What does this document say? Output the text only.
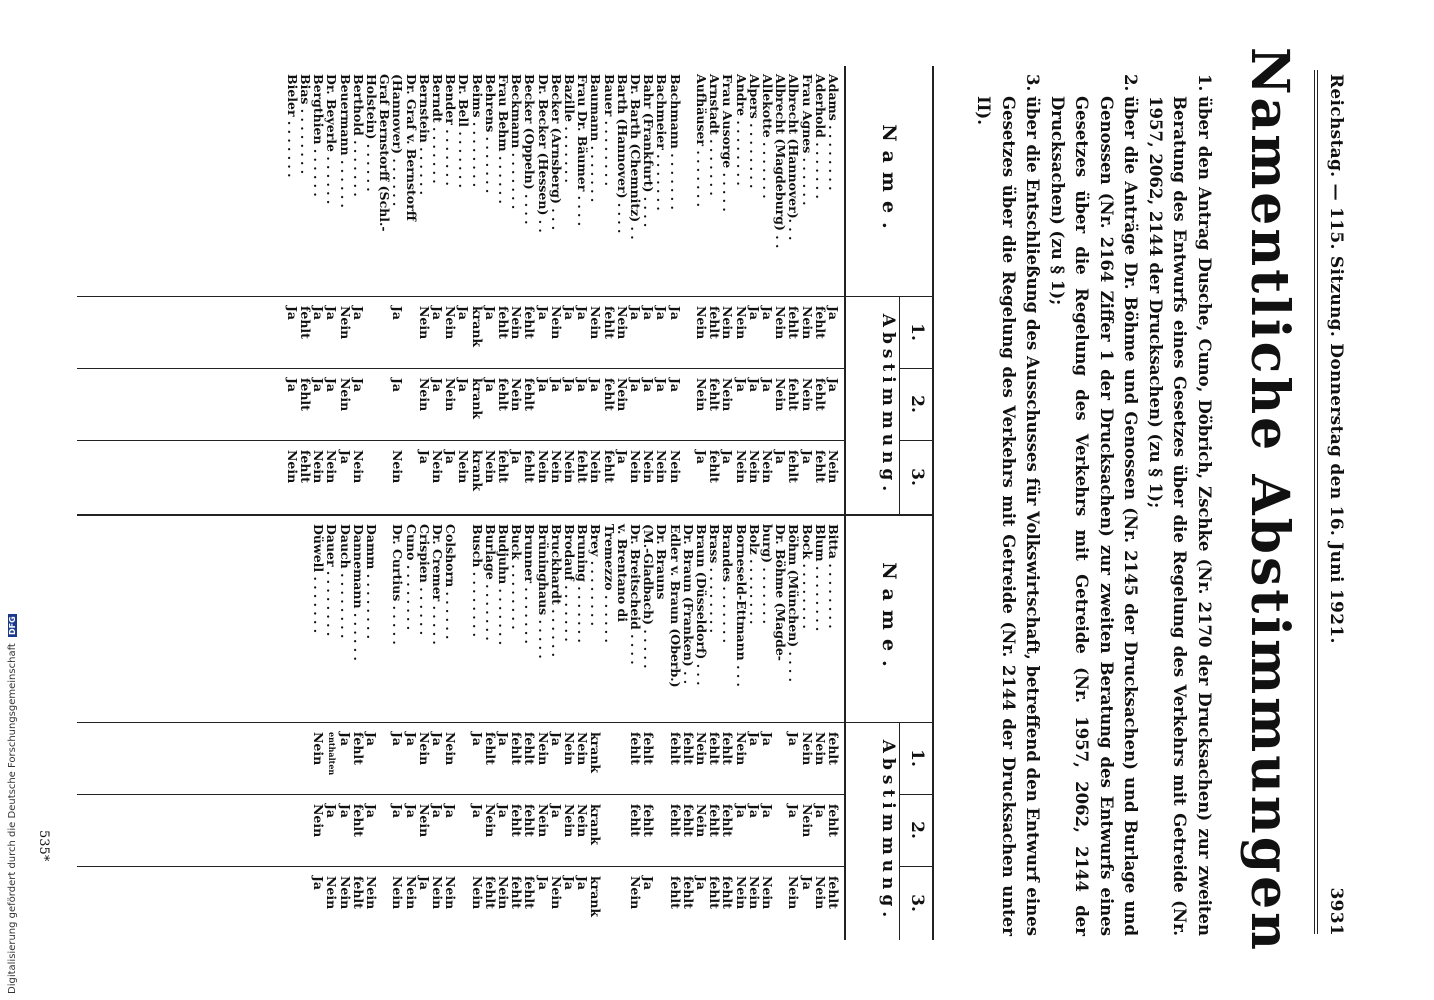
Reichstag. — 115. Sitzung. Donnerstag den 16. Juni 1921.
3931
Namentliche Abstimmungen
1.
über den Antrag Dusche, Cuno, Döbrich, Zschke (Nr. 2170 der Drucksachen) zur zweiten Beratung des Entwurfs eines Gesetzes über die Regelung des Verkehrs mit Getreide (Nr. 1957, 2062, 2144 der Drucksachen) (zu § 1);
2.
über die Anträge Dr. Böhme und Genossen (Nr. 2145 der Drucksachen) und Burlage und Genossen (Nr. 2164 Ziffer 1 der Drucksachen) zur zweiten Beratung des Entwurfs eines Gesetzes über die Regelung des Verkehrs mit Getreide (Nr. 1957, 2062, 2144 der Drucksachen) (zu § 1);
3.
über die Entschließung des Ausschusses für Volkswirtschaft, betreffend den Entwurf eines Gesetzes über die Regelung des Verkehrs mit Getreide (Nr. 2144 der Drucksachen unter II).
Name.
1.
2.
3.
Abstimmung.
Adams . . . . . . . .
Ja
Ja
Nein
Aderhold . . . . . . .
fehlt
fehlt
fehlt
Frau Agnes . . . . . .
Nein
Nein
Ja
Albrecht (Hannover). . .
fehlt
fehlt
fehlt
Albrecht (Magdeburg) . .
Nein
Nein
Ja
Allekotte . . . . . . .
Ja
Ja
Nein
Alpers . . . . . . . .
Ja
Ja
Nein
Andre . . . . . . . .
Nein
Ja
Nein
Frau Ausorge . . . . .
Nein
Nein
Ja
Arnstadt . . . . . . .
fehlt
fehlt
fehlt
Aufhäuser . . . . . . .
Nein
Nein
Ja
Bachmann . . . . . . .
Ja
Ja
Nein
Bachmeier . . . . . . .
Ja
Ja
Nein
Bahr (Frankfurt) . . . .
Ja
Ja
Nein
Dr. Barth (Chemnitz) . .
Ja
Ja
Nein
Barth (Hannover) . . . .
Nein
Nein
Ja
Bauer . . . . . . . .
fehlt
fehlt
fehlt
Baumann . . . . . . .
Nein
Ja
Nein
Frau Dr. Bäumer . . . .
Ja
Ja
fehlt
Bazille . . . . . . .
Ja
Ja
Nein
Becker (Arnsberg) . . .
Nein
Ja
Nein
Dr. Becker (Hessen) . .
Ja
Ja
Nein
Becker (Oppeln) . . . .
fehlt
fehlt
fehlt
Beckmann . . . . . . .
Nein
Nein
Ja
Frau Behm . . . . . .
fehlt
fehlt
fehlt
Behrens . . . . . . .
Ja
Ja
Nein
Beims . . . . . . . .
krank
krank
krank
Dr. Bell . . . . . . .
Ja
Ja
Nein
Bender . . . . . . .
Nein
Nein
Ja
Berndt . . . . . . .
Ja
Ja
Nein
Bernstein . . . . . .
Nein
Nein
Ja
Dr. Graf v. Bernstorff
(Hannover) . . . . . .
Ja
Ja
Nein
Graf Bernstorff (Schl.-
Holstein) . . . . . .
Berthold . . . . . . .
Ja
Ja
Nein
Beuermann . . . . . .
Nein
Nein
Ja
Dr. Beyerle . . . . . .
Ja
Ja
Nein
Bergthien . . . . . .
Ja
Ja
Nein
Bias . . . . . . . .
fehlt
fehlt
fehlt
Bieler . . . . . . .
Ja
Ja
Nein
Name.
1.
2.
3.
Abstimmung.
Bitta . . . . . . . .
fehlt
fehlt
fehlt
Blum . . . . . . . .
Nein
Ja
Nein
Bock . . . . . . . .
Nein
Nein
Ja
Böhm (München) . . . .
Ja
Ja
Nein
Dr. Böhme (Magde-
burg) . . . . . . .
Ja
Ja
Nein
Bolz . . . . . . . .
Ja
Ja
Nein
Borneseld-Ettmann . . .
Nein
Ja
Nein
Brandes . . . . . . .
fehlt
fehlt
fehlt
Brass . . . . . . . .
fehlt
fehlt
fehlt
Braun (Düsseldorf) . . .
Nein
Nein
Ja
Dr. Braun (Franken) . .
fehlt
fehlt
fehlt
Edler v. Braun (Oberb.)
fehlt
fehlt
fehlt
Dr. Brauns
(M.-Gladbach) . . . . .
fehlt
fehlt
Ja
Dr. Breitscheid . . . .
fehlt
fehlt
Nein
v. Brentano di
Tremezzo . . . . . .
Brey . . . . . . . .
krank
krank
krank
Bruning . . . . . . .
Nein
Nein
Ja
Brodauf . . . . . . .
Nein
Nein
Ja
Bruckhardt . . . . . .
Ja
Ja
Nein
Brüninghaus . . . . .
Nein
Nein
Ja
Brunner . . . . . . .
fehlt
fehlt
fehlt
Buck . . . . . . . .
fehlt
fehlt
fehlt
Budjuhn . . . . . . .
Ja
Ja
Nein
Burlage . . . . . . .
fehlt
Nein
fehlt
Busch . . . . . . . .
Ja
Ja
Nein
Colshorn . . . . . .
Nein
Ja
Nein
Dr. Cremer . . . . .
Ja
Ja
Nein
Crispien . . . . . .
Nein
Nein
Ja
Cuno . . . . . . . .
Ja
Ja
Nein
Dr. Curtius . . . . .
Ja
Ja
Nein
Damm . . . . . . . .
Ja
Ja
Nein
Dannemann . . . . . .
fehlt
fehlt
fehlt
Dauch . . . . . . . .
Ja
Ja
Nein
Dauer . . . . . . . .
enthalten
Ja
Nein
Düwell . . . . . . .
Nein
Nein
Ja
535*
Digitalisierung gefördert durch die Deutsche Forschungsgemeinschaft DFG
